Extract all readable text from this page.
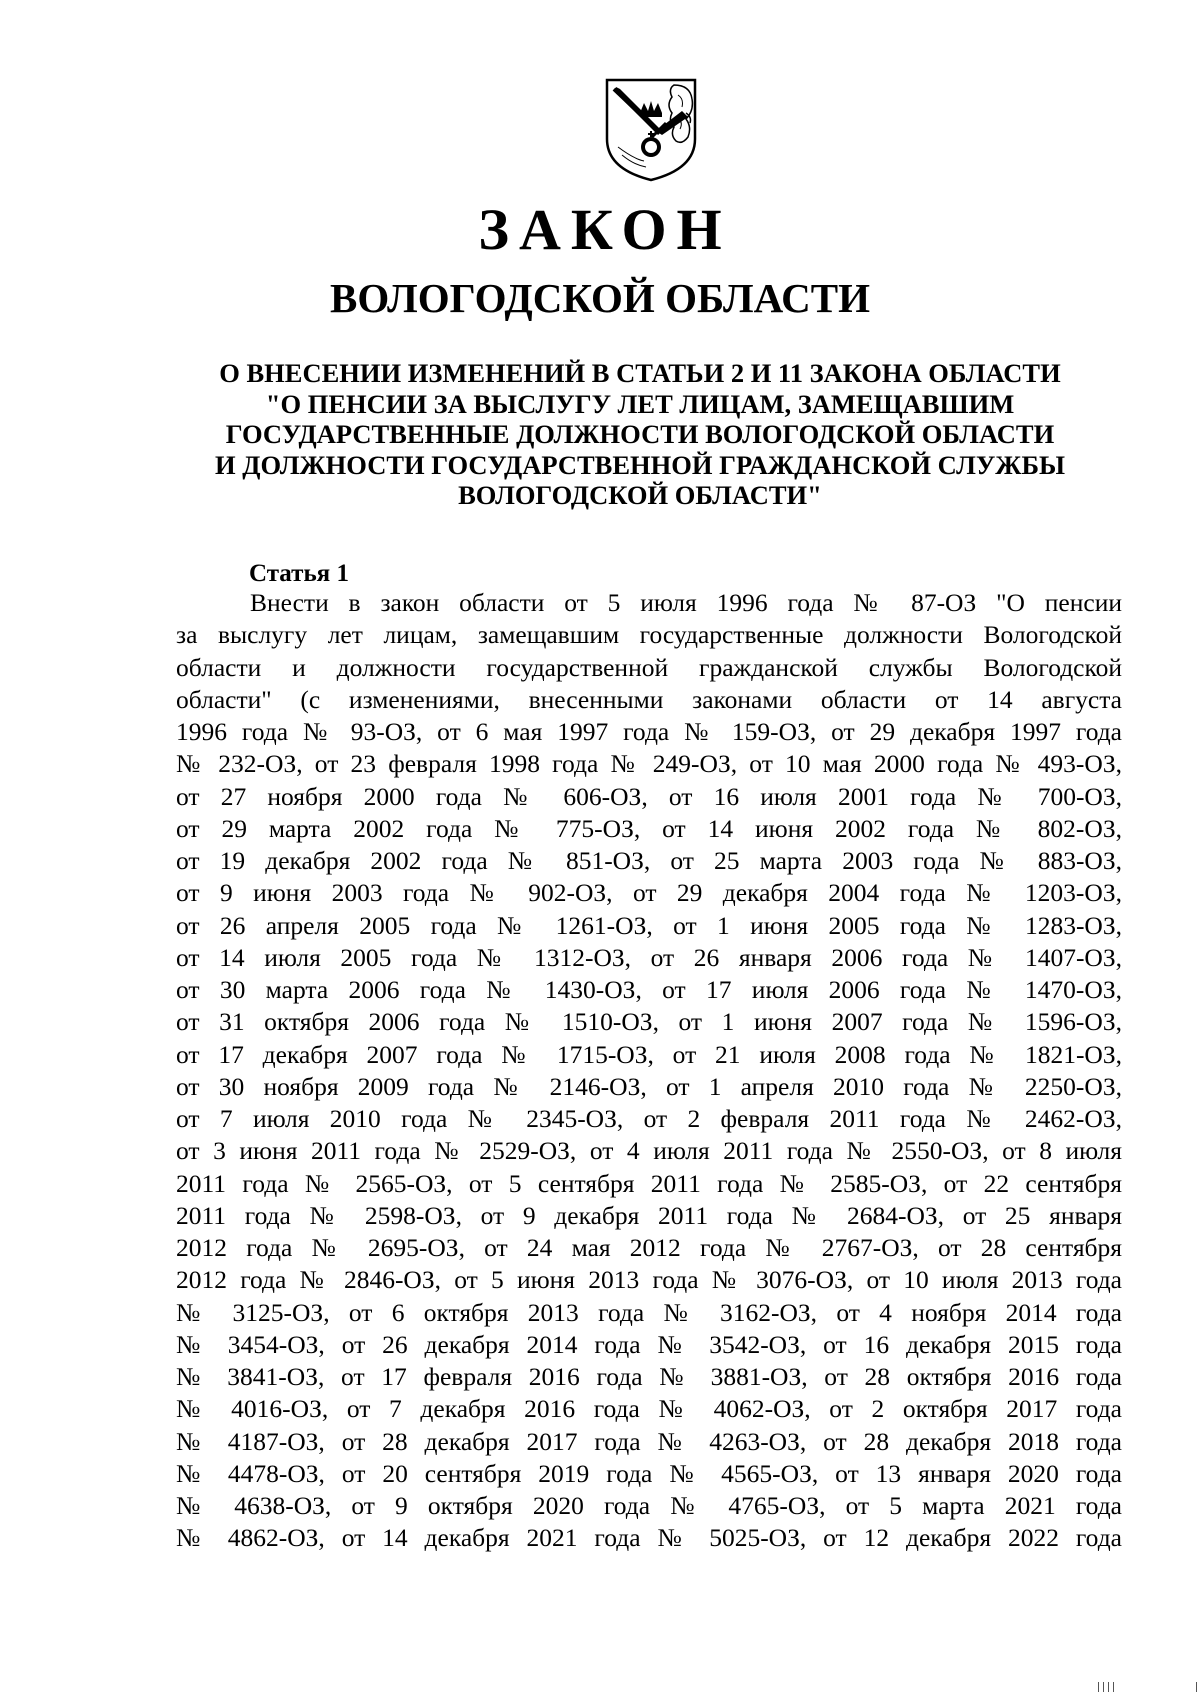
ЗАКОН
ВОЛОГОДСКОЙ ОБЛАСТИ
О ВНЕСЕНИИ ИЗМЕНЕНИЙ В СТАТЬИ 2 И 11 ЗАКОНА ОБЛАСТИ
"О ПЕНСИИ ЗА ВЫСЛУГУ ЛЕТ ЛИЦАМ, ЗАМЕЩАВШИМ
ГОСУДАРСТВЕННЫЕ ДОЛЖНОСТИ ВОЛОГОДСКОЙ ОБЛАСТИ
И ДОЛЖНОСТИ ГОСУДАРСТВЕННОЙ ГРАЖДАНСКОЙ СЛУЖБЫ
ВОЛОГОДСКОЙ ОБЛАСТИ"
Статья 1
Внести в закон области от 5 июля 1996 года № 87-ОЗ "О пенсии
за выслугу лет лицам, замещавшим государственные должности Вологодской
области и должности государственной гражданской службы Вологодской
области" (с изменениями, внесенными законами области от 14 августа
1996 года № 93-ОЗ, от 6 мая 1997 года № 159-ОЗ, от 29 декабря 1997 года
№ 232-ОЗ, от 23 февраля 1998 года № 249-ОЗ, от 10 мая 2000 года № 493-ОЗ,
от 27 ноября 2000 года № 606-ОЗ, от 16 июля 2001 года № 700-ОЗ,
от 29 марта 2002 года № 775-ОЗ, от 14 июня 2002 года № 802-ОЗ,
от 19 декабря 2002 года № 851-ОЗ, от 25 марта 2003 года № 883-ОЗ,
от 9 июня 2003 года № 902-ОЗ, от 29 декабря 2004 года № 1203-ОЗ,
от 26 апреля 2005 года № 1261-ОЗ, от 1 июня 2005 года № 1283-ОЗ,
от 14 июля 2005 года № 1312-ОЗ, от 26 января 2006 года № 1407-ОЗ,
от 30 марта 2006 года № 1430-ОЗ, от 17 июля 2006 года № 1470-ОЗ,
от 31 октября 2006 года № 1510-ОЗ, от 1 июня 2007 года № 1596-ОЗ,
от 17 декабря 2007 года № 1715-ОЗ, от 21 июля 2008 года № 1821-ОЗ,
от 30 ноября 2009 года № 2146-ОЗ, от 1 апреля 2010 года № 2250-ОЗ,
от 7 июля 2010 года № 2345-ОЗ, от 2 февраля 2011 года № 2462-ОЗ,
от 3 июня 2011 года № 2529-ОЗ, от 4 июля 2011 года № 2550-ОЗ, от 8 июля
2011 года № 2565-ОЗ, от 5 сентября 2011 года № 2585-ОЗ, от 22 сентября
2011 года № 2598-ОЗ, от 9 декабря 2011 года № 2684-ОЗ, от 25 января
2012 года № 2695-ОЗ, от 24 мая 2012 года № 2767-ОЗ, от 28 сентября
2012 года № 2846-ОЗ, от 5 июня 2013 года № 3076-ОЗ, от 10 июля 2013 года
№ 3125-ОЗ, от 6 октября 2013 года № 3162-ОЗ, от 4 ноября 2014 года
№ 3454-ОЗ, от 26 декабря 2014 года № 3542-ОЗ, от 16 декабря 2015 года
№ 3841-ОЗ, от 17 февраля 2016 года № 3881-ОЗ, от 28 октября 2016 года
№ 4016-ОЗ, от 7 декабря 2016 года № 4062-ОЗ, от 2 октября 2017 года
№ 4187-ОЗ, от 28 декабря 2017 года № 4263-ОЗ, от 28 декабря 2018 года
№ 4478-ОЗ, от 20 сентября 2019 года № 4565-ОЗ, от 13 января 2020 года
№ 4638-ОЗ, от 9 октября 2020 года № 4765-ОЗ, от 5 марта 2021 года
№ 4862-ОЗ, от 14 декабря 2021 года № 5025-ОЗ, от 12 декабря 2022 года
